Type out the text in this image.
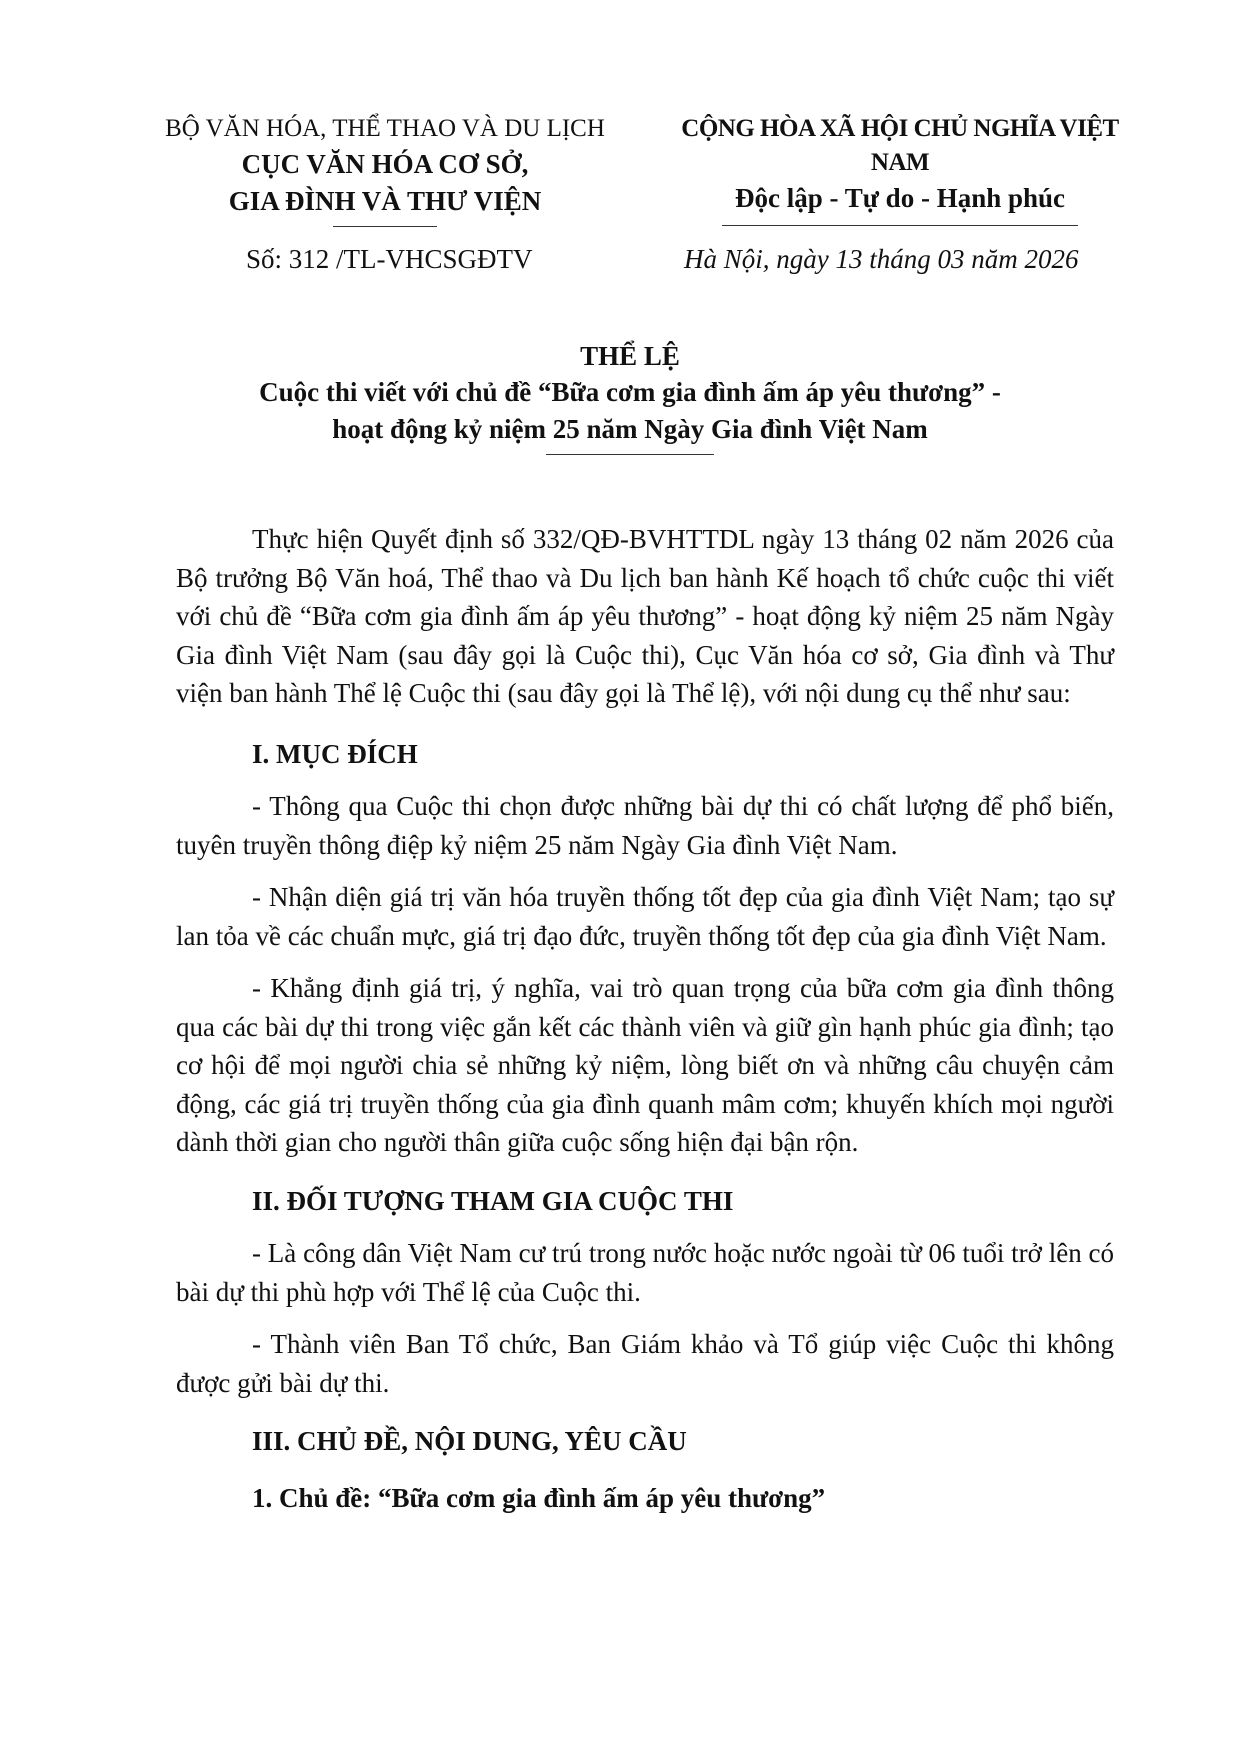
BỘ VĂN HÓA, THỂ THAO VÀ DU LỊCH
CỤC VĂN HÓA CƠ SỞ,
GIA ĐÌNH VÀ THƯ VIỆN
CỘNG HÒA XÃ HỘI CHỦ NGHĨA VIỆT NAM
Độc lập - Tự do - Hạnh phúc
Số: 312 /TL-VHCSGĐTV	Hà Nội, ngày 13 tháng 03 năm 2026
THỂ LỆ
Cuộc thi viết với chủ đề “Bữa cơm gia đình ấm áp yêu thương” -
hoạt động kỷ niệm 25 năm Ngày Gia đình Việt Nam

Thực hiện Quyết định số 332/QĐ-BVHTTDL ngày 13 tháng 02 năm 2026 của Bộ trưởng Bộ Văn hoá, Thể thao và Du lịch ban hành Kế hoạch tổ chức cuộc thi viết với chủ đề “Bữa cơm gia đình ấm áp yêu thương” - hoạt động kỷ niệm 25 năm Ngày Gia đình Việt Nam (sau đây gọi là Cuộc thi), Cục Văn hóa cơ sở, Gia đình và Thư viện ban hành Thể lệ Cuộc thi (sau đây gọi là Thể lệ), với nội dung cụ thể như sau:

I. MỤC ĐÍCH

- Thông qua Cuộc thi chọn được những bài dự thi có chất lượng để phổ biến, tuyên truyền thông điệp kỷ niệm 25 năm Ngày Gia đình Việt Nam.

- Nhận diện giá trị văn hóa truyền thống tốt đẹp của gia đình Việt Nam; tạo sự lan tỏa về các chuẩn mực, giá trị đạo đức, truyền thống tốt đẹp của gia đình Việt Nam.

- Khẳng định giá trị, ý nghĩa, vai trò quan trọng của bữa cơm gia đình thông qua các bài dự thi trong việc gắn kết các thành viên và giữ gìn hạnh phúc gia đình; tạo cơ hội để mọi người chia sẻ những kỷ niệm, lòng biết ơn và những câu chuyện cảm động, các giá trị truyền thống của gia đình quanh mâm cơm; khuyến khích mọi người dành thời gian cho người thân giữa cuộc sống hiện đại bận rộn.

II. ĐỐI TƯỢNG THAM GIA CUỘC THI

- Là công dân Việt Nam cư trú trong nước hoặc nước ngoài từ 06 tuổi trở lên có bài dự thi phù hợp với Thể lệ của Cuộc thi.

- Thành viên Ban Tổ chức, Ban Giám khảo và Tổ giúp việc Cuộc thi không được gửi bài dự thi.

III. CHỦ ĐỀ, NỘI DUNG, YÊU CẦU

1. Chủ đề: “Bữa cơm gia đình ấm áp yêu thương”
